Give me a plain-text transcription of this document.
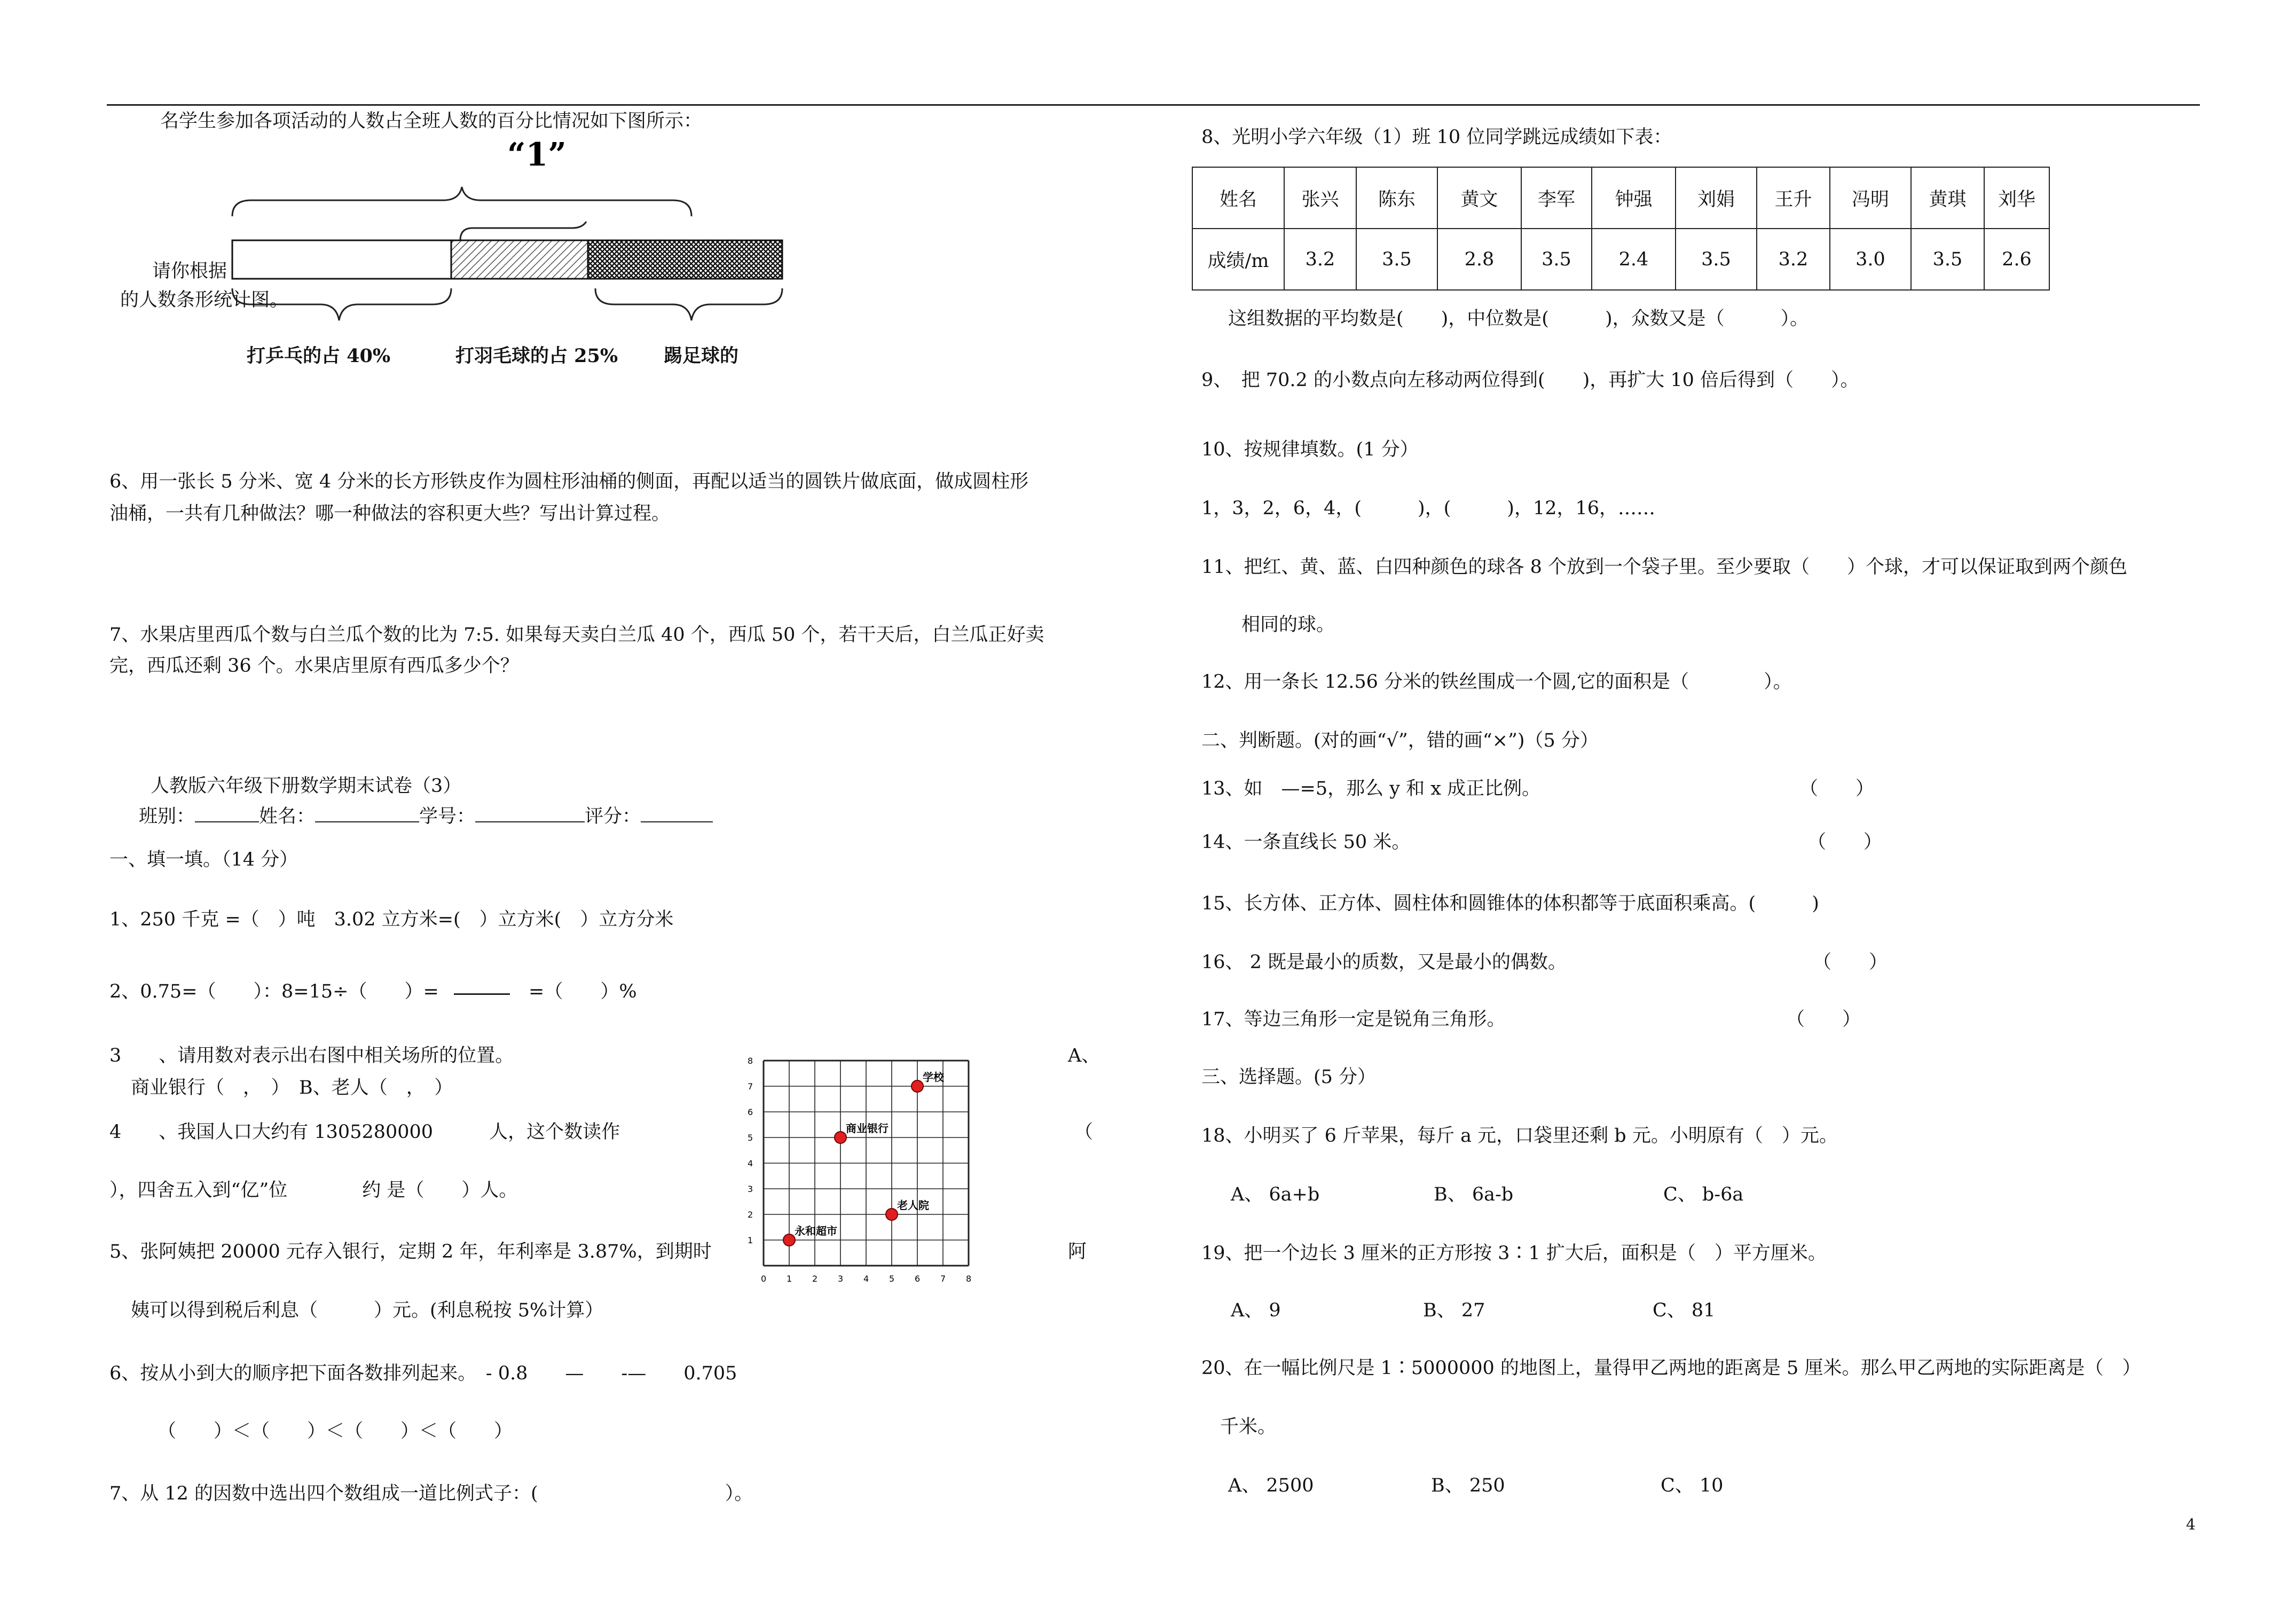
名学生参加各项活动的人数占全班人数的百分比情况如下图所示：
“1”
请你根据
的人数条形统计图。
打乒乓的占 40%	打羽毛球的占 25% 踢足球的
6、用一张长 5 分米、宽 4 分米的长方形铁皮作为圆柱形油桶的侧面，再配以适当的圆铁片做底面，做成圆柱形
油桶，一共有几种做法？哪一种做法的容积更大些？写出计算过程。
7、水果店里西瓜个数与白兰瓜个数的比为 7:5. 如果每天卖白兰瓜 40 个，西瓜 50 个，若干天后，白兰瓜正好卖
完，西瓜还剩 36 个。水果店里原有西瓜多少个？
人教版六年级下册数学期末试卷（3）
班别：	姓名：	学号：	评分：
一、填一填。（14 分）
1、250 千克 =（　）吨　3.02 立方米=(　）立方米(　）立方分米
2、0.75=（　　）：8=15÷（　　）=	=（　　）%
3　　、请用数对表示出右图中相关场所的位置。	A、
商业银行（　，　）　B、老人（　，　）
4　　、我国人口大约有 1305280000　　　人，这个数读作	（
），四舍五入到“亿”位　　　　约 是（　　）人。
5、张阿姨把 20000 元存入银行，定期 2 年，年利率是 3.87%，到期时	阿
姨可以得到税后利息（　　　）元。(利息税按 5%计算）
6、按从小到大的顺序把下面各数排列起来。　- 0.8　　—　　-—　　0.705
（　　）＜（　　）＜（　　）＜（　　）
7、从 12 的因数中选出四个数组成一道比例式子：(　　　　　　　　　　）。
0 1 2 3 4 5 6 7 8
1
2
3
4
5
6
7
8
学校
商业银行
老人院
永和超市
8、光明小学六年级（1）班 10 位同学跳远成绩如下表：
姓名	张兴	陈东	黄文	李军	钟强	刘娟	王升	冯明	黄琪	刘华
成绩/m	3.2	3.5	2.8	3.5	2.4	3.5	3.2	3.0	3.5	2.6
这组数据的平均数是(　　)，中位数是(　　　)，众数又是（　　　）。
9、　把 70.2 的小数点向左移动两位得到(　　)，再扩大 10 倍后得到（　　）。
10、按规律填数。(1 分）
1，3，2，6，4，(　　　)，(　　　)，12，16，……
11、把红、黄、蓝、白四种颜色的球各 8 个放到一个袋子里。至少要取（　　）个球，才可以保证取到两个颜色
相同的球。
12、用一条长 12.56 分米的铁丝围成一个圆,它的面积是（　　　　）。
二、判断题。(对的画“√”，错的画“×”)（5 分）
13、如　—=5，那么 y 和 x 成正比例。	（　　）
14、一条直线长 50 米。	（　　）
15、长方体、正方体、圆柱体和圆锥体的体积都等于底面积乘高。(　　　)
16、 2 既是最小的质数，又是最小的偶数。	（　　）
17、等边三角形一定是锐角三角形。	（　　）
三、选择题。(5 分）
18、小明买了 6 斤苹果，每斤 a 元，口袋里还剩 b 元。小明原有（　）元。
A、 6a+b	B、 6a-b	C、 b-6a
19、把一个边长 3 厘米的正方形按 3∶1 扩大后，面积是（　）平方厘米。
A、 9	B、 27	C、 81
20、在一幅比例尺是 1∶5000000 的地图上，量得甲乙两地的距离是 5 厘米。那么甲乙两地的实际距离是（　）
千米。
A、 2500	B、 250	C、 10
4
